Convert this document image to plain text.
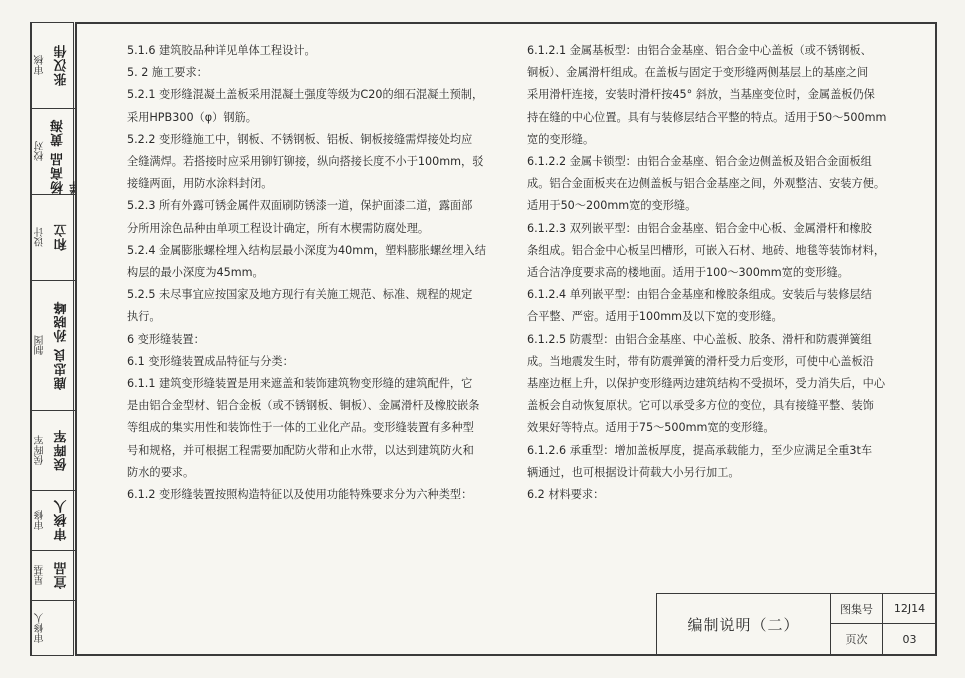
审核 张汉伟
校对
杨高品 黄海
设计 和立
制图 鹿忠良 孙晓峰
侯晖军 侯晖军
审修 审核人
星基 宣品
审修人

5.1.6 建筑胶品种详见单体工程设计。

5. 2 施工要求：

5.2.1 变形缝混凝土盖板采用混凝土强度等级为C20的细石混凝土预制，

采用HPB300（φ）钢筋。

5.2.2 变形缝施工中，钢板、不锈钢板、铝板、铜板接缝需焊接处均应

全缝满焊。若搭接时应采用铆钉铆接，纵向搭接长度不小于100mm，驳

接缝两面，用防水涂料封闭。

5.2.3 所有外露可锈金属件双面刷防锈漆一道，保护面漆二道，露面部

分所用涂色品种由单项工程设计确定，所有木楔需防腐处理。

5.2.4 金属膨胀螺栓埋入结构层最小深度为40mm，塑料膨胀螺丝埋入结

构层的最小深度为45mm。

5.2.5 未尽事宜应按国家及地方现行有关施工规范、标准、规程的规定

执行。

6 变形缝装置：

6.1 变形缝装置成品特征与分类：

6.1.1 建筑变形缝装置是用来遮盖和装饰建筑物变形缝的建筑配件，它

是由铝合金型材、铝合金板（或不锈钢板、铜板）、金属滑杆及橡胶嵌条

等组成的集实用性和装饰性于一体的工业化产品。变形缝装置有多种型

号和规格，并可根据工程需要加配防火带和止水带，以达到建筑防火和

防水的要求。

6.1.2 变形缝装置按照构造特征以及使用功能特殊要求分为六种类型：

6.1.2.1 金属基板型：由铝合金基座、铝合金中心盖板（或不锈钢板、

铜板）、金属滑杆组成。在盖板与固定于变形缝两侧基层上的基座之间

采用滑杆连接，安装时滑杆按45° 斜放，当基座变位时，金属盖板仍保

持在缝的中心位置。具有与装修层结合平整的特点。适用于50～500mm

宽的变形缝。

6.1.2.2 金属卡锁型：由铝合金基座、铝合金边侧盖板及铝合金面板组

成。铝合金面板夹在边侧盖板与铝合金基座之间，外观整洁、安装方便。

适用于50～200mm宽的变形缝。

6.1.2.3 双列嵌平型：由铝合金基座、铝合金中心板、金属滑杆和橡胶

条组成。铝合金中心板呈凹槽形，可嵌入石材、地砖、地毯等装饰材料，

适合洁净度要求高的楼地面。适用于100～300mm宽的变形缝。

6.1.2.4 单列嵌平型：由铝合金基座和橡胶条组成。安装后与装修层结

合平整、严密。适用于100mm及以下宽的变形缝。

6.1.2.5 防震型：由铝合金基座、中心盖板、胶条、滑杆和防震弹簧组

成。当地震发生时，带有防震弹簧的滑杆受力后变形，可使中心盖板沿

基座边框上升，以保护变形缝两边建筑结构不受损坏，受力消失后，中心

盖板会自动恢复原状。它可以承受多方位的变位，具有接缝平整、装饰

效果好等特点。适用于75～500mm宽的变形缝。

6.1.2.6 承重型：增加盖板厚度，提高承载能力，至少应满足全重3t车

辆通过，也可根据设计荷载大小另行加工。

6.2 材料要求：

编制说明（二）
图集号	12J14
页次	03
